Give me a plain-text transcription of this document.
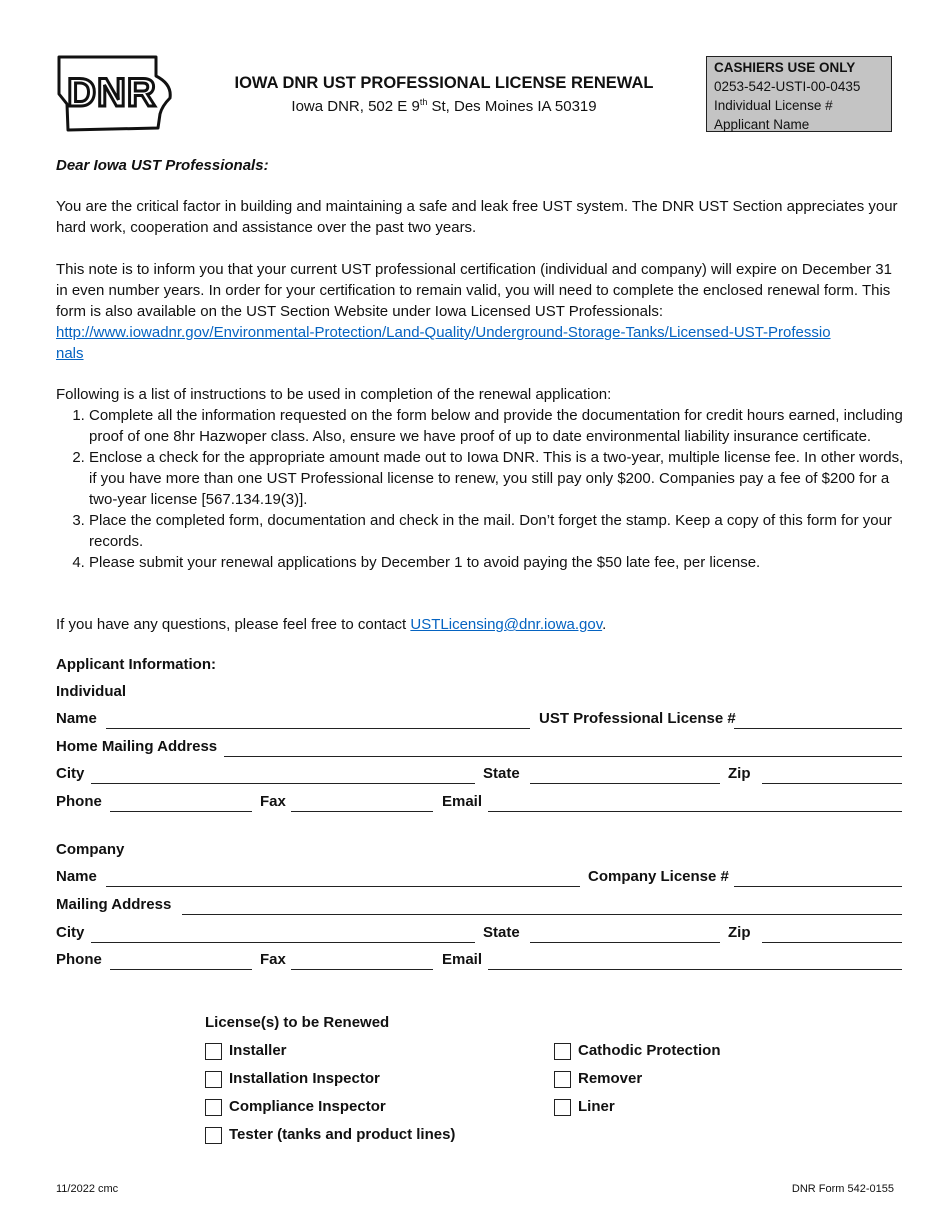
DNR	IOWA DNR UST PROFESSIONAL LICENSE RENEWAL
Iowa DNR, 502 E 9th St, Des Moines IA 50319
CASHIERS USE ONLY
0253-542-USTI-00-0435
Individual License #
Applicant Name
Dear Iowa UST Professionals:
You are the critical factor in building and maintaining a safe and leak free UST system. The DNR UST Section appreciates your hard work, cooperation and assistance over the past two years.
This note is to inform you that your current UST professional certification (individual and company) will expire on December 31 in even number years. In order for your certification to remain valid, you will need to complete the enclosed renewal form. This form is also available on the UST Section Website under Iowa Licensed UST Professionals:
http://www.iowadnr.gov/Environmental-Protection/Land-Quality/Underground-Storage-Tanks/Licensed-UST-Professionals
Following is a list of instructions to be used in completion of the renewal application:
1. Complete all the information requested on the form below and provide the documentation for credit hours earned, including proof of one 8hr Hazwoper class. Also, ensure we have proof of up to date environmental liability insurance certificate.
2. Enclose a check for the appropriate amount made out to Iowa DNR. This is a two-year, multiple license fee. In other words, if you have more than one UST Professional license to renew, you still pay only $200. Companies pay a fee of $200 for a two-year license [567.134.19(3)].
3. Place the completed form, documentation and check in the mail. Don’t forget the stamp. Keep a copy of this form for your records.
4. Please submit your renewal applications by December 1 to avoid paying the $50 late fee, per license.
If you have any questions, please feel free to contact USTLicensing@dnr.iowa.gov.
Applicant Information:
Individual
Name	UST Professional License #
Home Mailing Address
City	State	Zip
Phone	Fax	Email
Company
Name	Company License #
Mailing Address
City	State	Zip
Phone	Fax	Email
License(s) to be Renewed
Installer
Installation Inspector
Compliance Inspector
Tester (tanks and product lines)
Cathodic Protection
Remover
Liner
11/2022 cmc	DNR Form 542-0155
